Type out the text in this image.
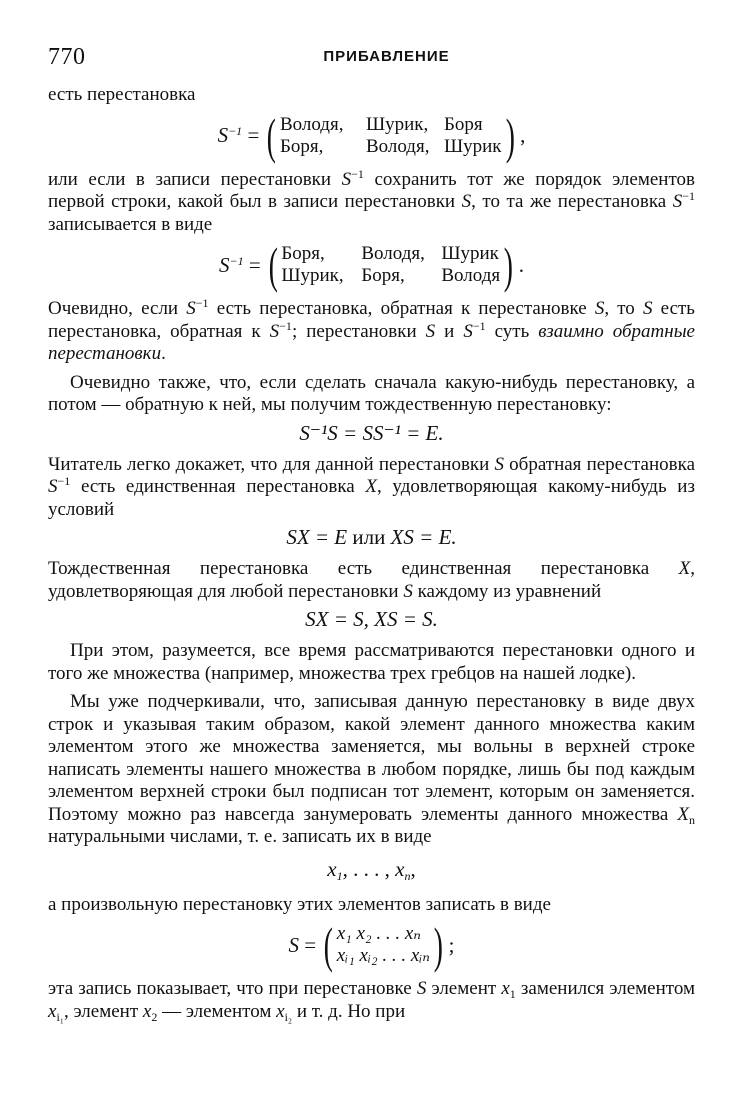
770	ПРИБАВЛЕНИЕ

есть перестановка

$S^{-1}$ = ( Володя, Шурик, Боря
Боря, Володя, Шурик ) ,

или если в записи перестановки $S^{-1}$ сохранить тот же порядок элементов первой строки, какой был в записи перестановки S, то та же перестановка $S^{-1}$ записывается в виде

$S^{-1}$ = ( Боря, Володя, Шурик
Шурик, Боря, Володя ) .

Очевидно, если $S^{-1}$ есть перестановка, обратная к перестановке S, то S есть перестановка, обратная к $S^{-1}$; перестановки S и $S^{-1}$ суть взаимно обратные перестановки.

Очевидно также, что, если сделать сначала какую-нибудь перестановку, а потом — обратную к ней, мы получим тождественную перестановку:

S⁻¹S = SS⁻¹ = E.

Читатель легко докажет, что для данной перестановки S обратная перестановка $S^{-1}$ есть единственная перестановка X, удовлетворяющая какому-нибудь из условий

SX = E или XS = E.

Тождественная перестановка есть единственная перестановка X, удовлетворяющая для любой перестановки S каждому из уравнений

SX = S, XS = S.

При этом, разумеется, все время рассматриваются перестановки одного и того же множества (например, множества трех гребцов на нашей лодке).

Мы уже подчеркивали, что, записывая данную перестановку в виде двух строк и указывая таким образом, какой элемент данного множества каким элементом этого же множества заменяется, мы вольны в верхней строке написать элементы нашего множества в любом порядке, лишь бы под каждым элементом верхней строки был подписан тот элемент, которым он заменяется. Поэтому можно раз навсегда занумеровать элементы данного множества $X_n$ натуральными числами, т. е. записать их в виде

$x_1$, . . . , $x_n$,

а произвольную перестановку этих элементов записать в виде

S = ( x₁ x₂ . . . xₙ
xᵢ₁ xᵢ₂ . . . xᵢₙ ) ;

эта запись показывает, что при перестановке S элемент $x_1$ заменился элементом $x_{i_1}$, элемент $x_2$ — элементом $x_{i_2}$ и т. д. Но при
